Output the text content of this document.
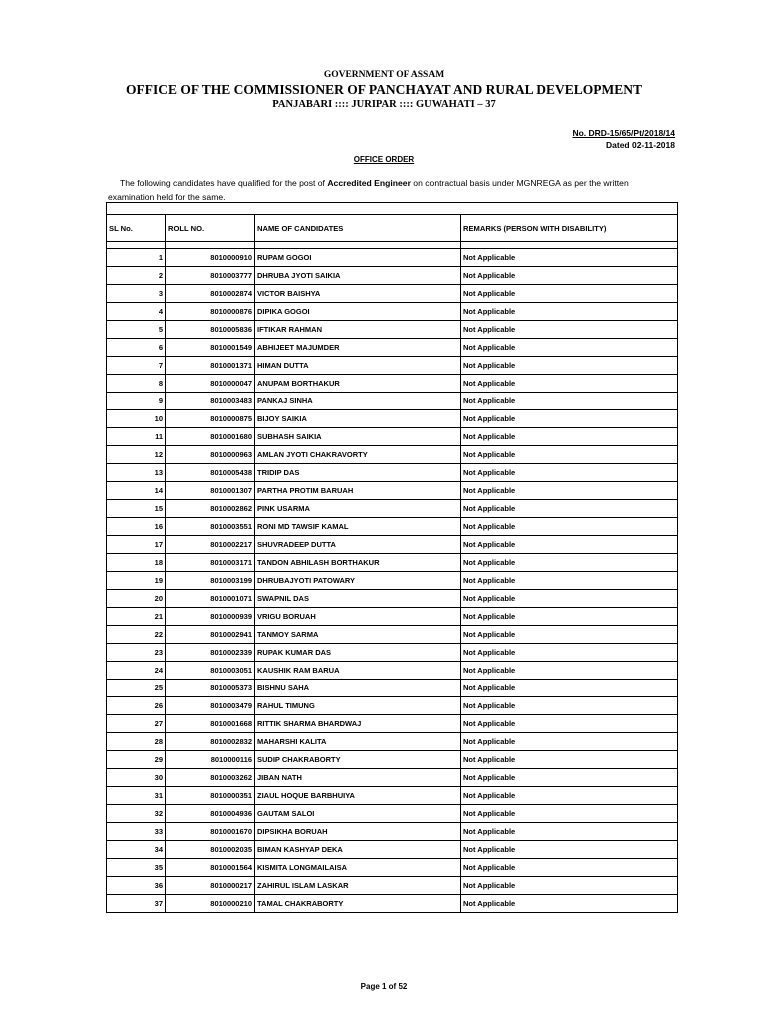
GOVERNMENT OF ASSAM
OFFICE OF THE COMMISSIONER OF PANCHAYAT AND RURAL DEVELOPMENT
PANJABARI :::: JURIPAR :::: GUWAHATI – 37
No. DRD-15/65/Pt/2018/14
Dated 02-11-2018
OFFICE ORDER
The following candidates have qualified for the post of Accredited Engineer on contractual basis under MGNREGA as per the written examination held for the same.

SL No.	ROLL NO.	NAME OF CANDIDATES	REMARKS (PERSON WITH DISABILITY)

1	8010000910	RUPAM GOGOI	Not Applicable
2	8010003777	DHRUBA JYOTI SAIKIA	Not Applicable
3	8010002874	VICTOR BAISHYA	Not Applicable
4	8010000876	DIPIKA GOGOI	Not Applicable
5	8010005836	IFTIKAR RAHMAN	Not Applicable
6	8010001549	ABHIJEET MAJUMDER	Not Applicable
7	8010001371	HIMAN DUTTA	Not Applicable
8	8010000047	ANUPAM BORTHAKUR	Not Applicable
9	8010003483	PANKAJ SINHA	Not Applicable
10	8010000875	BIJOY SAIKIA	Not Applicable
11	8010001680	SUBHASH SAIKIA	Not Applicable
12	8010000963	AMLAN JYOTI CHAKRAVORTY	Not Applicable
13	8010005438	TRIDIP DAS	Not Applicable
14	8010001307	PARTHA PROTIM BARUAH	Not Applicable
15	8010002862	PINK USARMA	Not Applicable
16	8010003551	RONI MD TAWSIF KAMAL	Not Applicable
17	8010002217	SHUVRADEEP DUTTA	Not Applicable
18	8010003171	TANDON ABHILASH BORTHAKUR	Not Applicable
19	8010003199	DHRUBAJYOTI PATOWARY	Not Applicable
20	8010001071	SWAPNIL DAS	Not Applicable
21	8010000939	VRIGU BORUAH	Not Applicable
22	8010002941	TANMOY SARMA	Not Applicable
23	8010002339	RUPAK KUMAR DAS	Not Applicable
24	8010003051	KAUSHIK RAM BARUA	Not Applicable
25	8010005373	BISHNU SAHA	Not Applicable
26	8010003479	RAHUL TIMUNG	Not Applicable
27	8010001668	RITTIK SHARMA BHARDWAJ	Not Applicable
28	8010002832	MAHARSHI KALITA	Not Applicable
29	8010000116	SUDIP CHAKRABORTY	Not Applicable
30	8010003262	JIBAN NATH	Not Applicable
31	8010000351	ZIAUL HOQUE BARBHUIYA	Not Applicable
32	8010004936	GAUTAM SALOI	Not Applicable
33	8010001670	DIPSIKHA BORUAH	Not Applicable
34	8010002035	BIMAN KASHYAP DEKA	Not Applicable
35	8010001564	KISMITA LONGMAILAISA	Not Applicable
36	8010000217	ZAHIRUL ISLAM LASKAR	Not Applicable
37	8010000210	TAMAL CHAKRABORTY	Not Applicable
Page 1 of 52
